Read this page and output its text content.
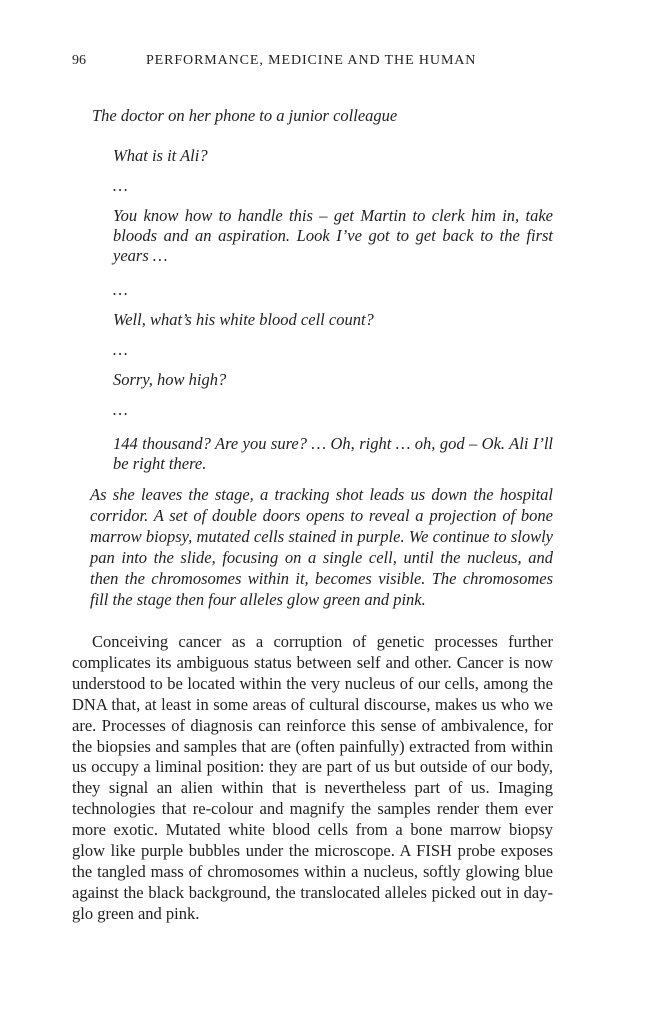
96	PERFORMANCE, MEDICINE AND THE HUMAN

The doctor on her phone to a junior colleague

What is it Ali?

…

You know how to handle this – get Martin to clerk him in, take bloods and an aspiration. Look I’ve got to get back to the first years …

…

Well, what’s his white blood cell count?

…

Sorry, how high?

…

144 thousand? Are you sure? … Oh, right … oh, god – Ok. Ali I’ll be right there.

As she leaves the stage, a tracking shot leads us down the hospital corridor. A set of double doors opens to reveal a projection of bone marrow biopsy, mutated cells stained in purple. We continue to slowly pan into the slide, focusing on a single cell, until the nucleus, and then the chromosomes within it, becomes visible. The chromosomes fill the stage then four alleles glow green and pink.

Conceiving cancer as a corruption of genetic processes further complicates its ambiguous status between self and other. Cancer is now understood to be located within the very nucleus of our cells, among the DNA that, at least in some areas of cultural discourse, makes us who we are. Processes of diagnosis can reinforce this sense of ambivalence, for the biopsies and samples that are (often painfully) extracted from within us occupy a liminal position: they are part of us but outside of our body, they signal an alien within that is nevertheless part of us. Imaging technologies that re-colour and magnify the samples render them ever more exotic. Mutated white blood cells from a bone marrow biopsy glow like purple bubbles under the microscope. A FISH probe exposes the tangled mass of chromosomes within a nucleus, softly glowing blue against the black background, the translocated alleles picked out in day-glo green and pink.
